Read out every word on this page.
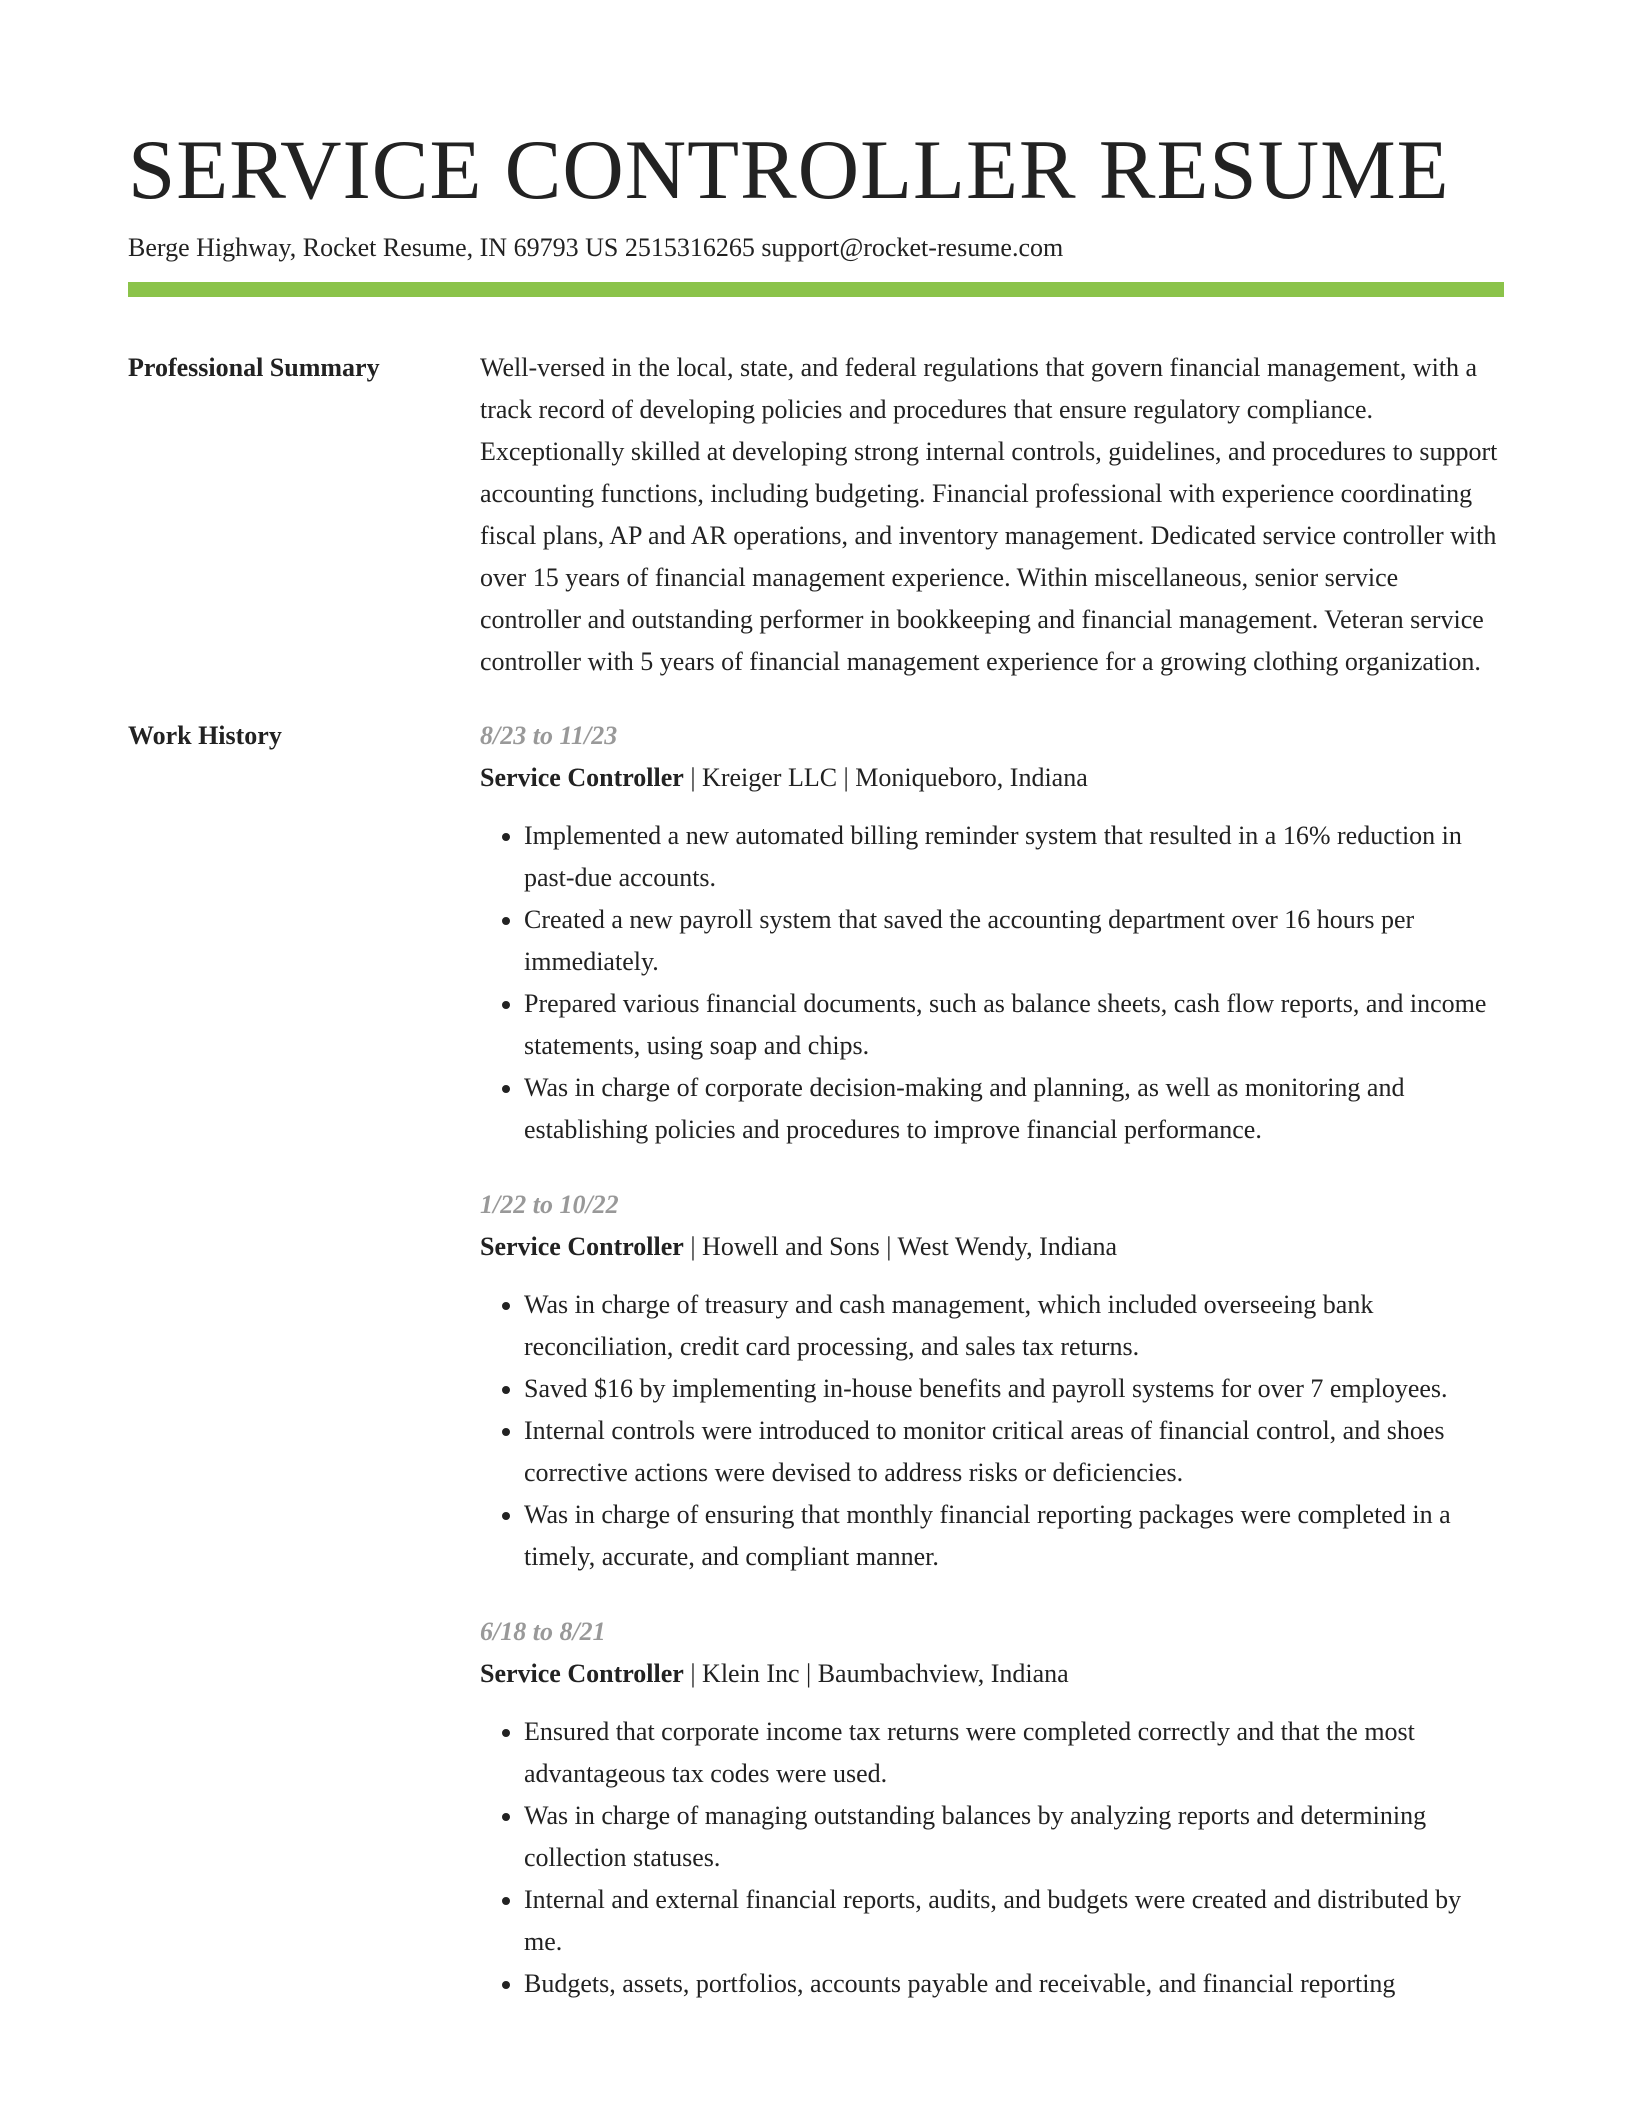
SERVICE CONTROLLER RESUME
Berge Highway, Rocket Resume, IN 69793 US 2515316265 support@rocket-resume.com
Professional Summary	Well-versed in the local, state, and federal regulations that govern financial management, with a track record of developing policies and procedures that ensure regulatory compliance. Exceptionally skilled at developing strong internal controls, guidelines, and procedures to support accounting functions, including budgeting. Financial professional with experience coordinating fiscal plans, AP and AR operations, and inventory management. Dedicated service controller with over 15 years of financial management experience. Within miscellaneous, senior service controller and outstanding performer in bookkeeping and financial management. Veteran service controller with 5 years of financial management experience for a growing clothing organization.

Work History	8/23 to 11/23
Service Controller | Kreiger LLC | Moniqueboro, Indiana
• Implemented a new automated billing reminder system that resulted in a 16% reduction in past-due accounts.
• Created a new payroll system that saved the accounting department over 16 hours per immediately.
• Prepared various financial documents, such as balance sheets, cash flow reports, and income statements, using soap and chips.
• Was in charge of corporate decision-making and planning, as well as monitoring and establishing policies and procedures to improve financial performance.
1/22 to 10/22
Service Controller | Howell and Sons | West Wendy, Indiana
• Was in charge of treasury and cash management, which included overseeing bank reconciliation, credit card processing, and sales tax returns.
• Saved $16 by implementing in-house benefits and payroll systems for over 7 employees.
• Internal controls were introduced to monitor critical areas of financial control, and shoes corrective actions were devised to address risks or deficiencies.
• Was in charge of ensuring that monthly financial reporting packages were completed in a timely, accurate, and compliant manner.
6/18 to 8/21
Service Controller | Klein Inc | Baumbachview, Indiana
• Ensured that corporate income tax returns were completed correctly and that the most advantageous tax codes were used.
• Was in charge of managing outstanding balances by analyzing reports and determining collection statuses.
• Internal and external financial reports, audits, and budgets were created and distributed by me.
• Budgets, assets, portfolios, accounts payable and receivable, and financial reporting
